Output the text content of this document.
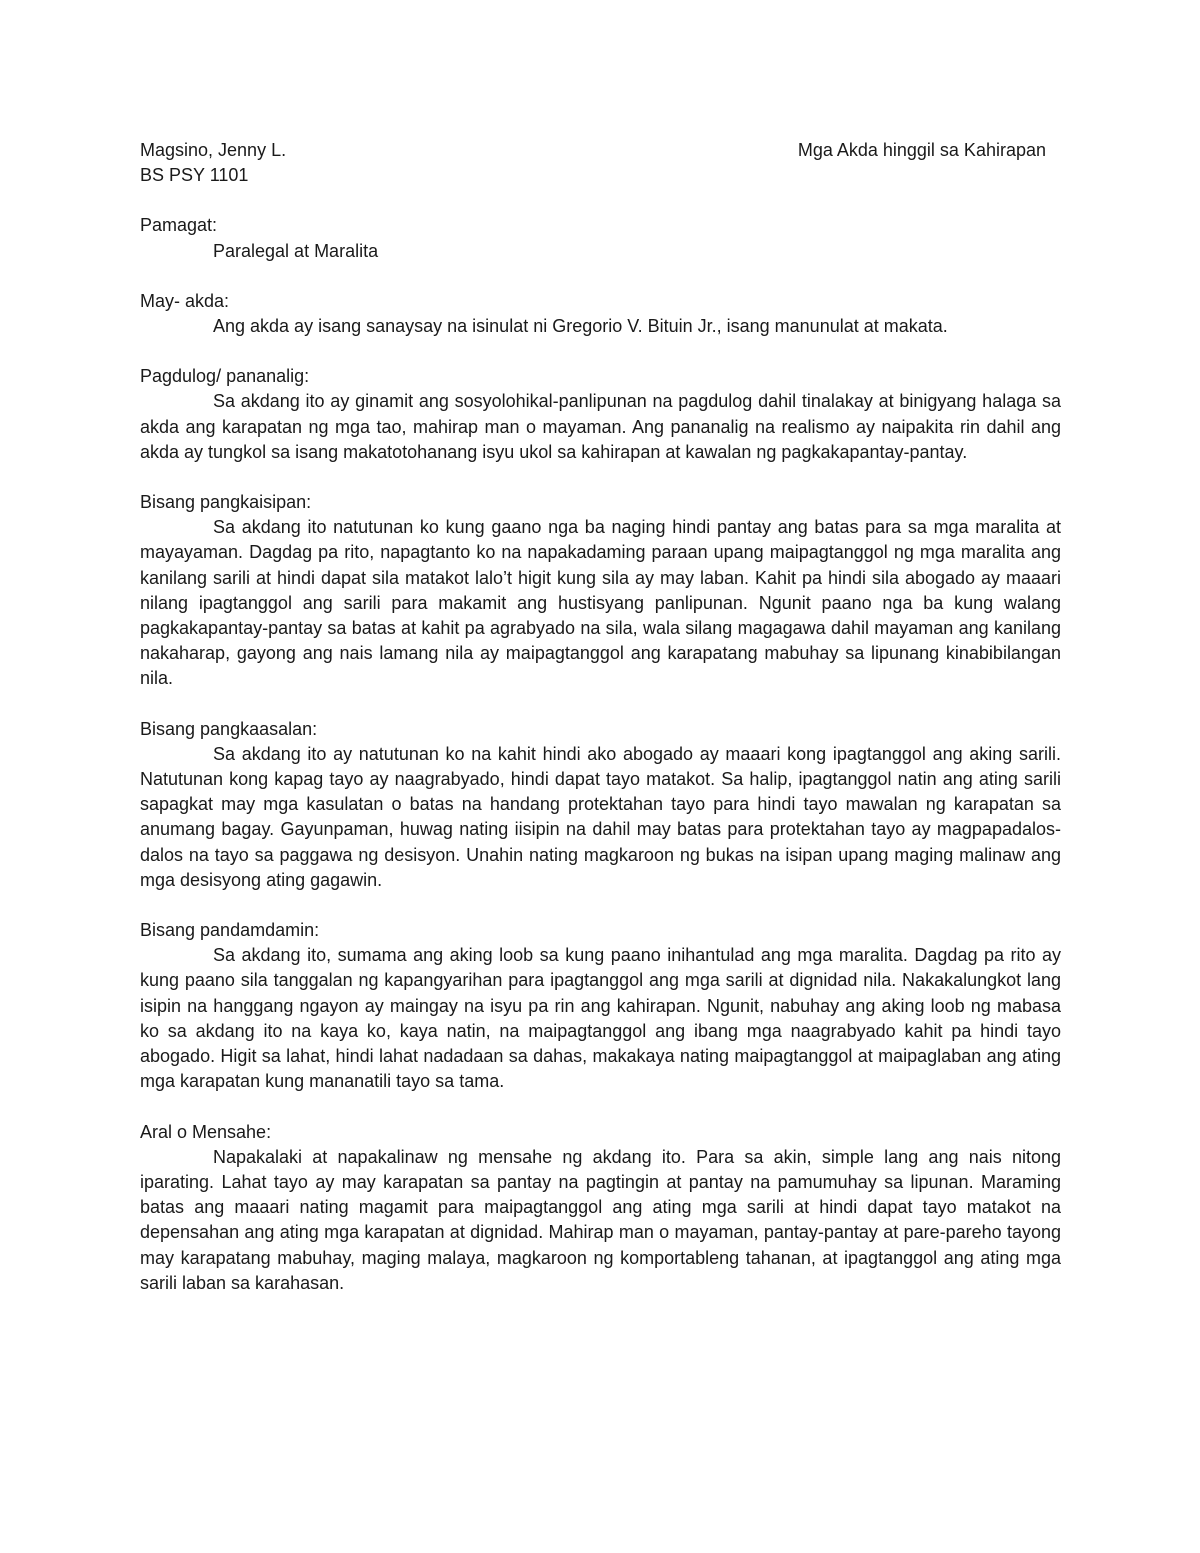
Magsino, Jenny L.	Mga Akda hinggil sa Kahirapan

BS PSY 1101

Pamagat:

Paralegal at Maralita

May- akda:

Ang akda ay isang sanaysay na isinulat ni Gregorio V. Bituin Jr., isang manunulat at makata.

Pagdulog/ pananalig:

Sa akdang ito ay ginamit ang sosyolohikal-panlipunan na pagdulog dahil tinalakay at binigyang halaga sa akda ang karapatan ng mga tao, mahirap man o mayaman. Ang pananalig na realismo ay naipakita rin dahil ang akda ay tungkol sa isang makatotohanang isyu ukol sa kahirapan at kawalan ng pagkakapantay-pantay.

Bisang pangkaisipan:

Sa akdang ito natutunan ko kung gaano nga ba naging hindi pantay ang batas para sa mga maralita at mayayaman. Dagdag pa rito, napagtanto ko na napakadaming paraan upang maipagtanggol ng mga maralita ang kanilang sarili at hindi dapat sila matakot lalo’t higit kung sila ay may laban. Kahit pa hindi sila abogado ay maaari nilang ipagtanggol ang sarili para makamit ang hustisyang panlipunan. Ngunit paano nga ba kung walang pagkakapantay-pantay sa batas at kahit pa agrabyado na sila, wala silang magagawa dahil mayaman ang kanilang nakaharap, gayong ang nais lamang nila ay maipagtanggol ang karapatang mabuhay sa lipunang kinabibilangan nila.

Bisang pangkaasalan:

Sa akdang ito ay natutunan ko na kahit hindi ako abogado ay maaari kong ipagtanggol ang aking sarili. Natutunan kong kapag tayo ay naagrabyado, hindi dapat tayo matakot. Sa halip, ipagtanggol natin ang ating sarili sapagkat may mga kasulatan o batas na handang protektahan tayo para hindi tayo mawalan ng karapatan sa anumang bagay. Gayunpaman, huwag nating iisipin na dahil may batas para protektahan tayo ay magpapadalos-dalos na tayo sa paggawa ng desisyon. Unahin nating magkaroon ng bukas na isipan upang maging malinaw ang mga desisyong ating gagawin.

Bisang pandamdamin:

Sa akdang ito, sumama ang aking loob sa kung paano inihantulad ang mga maralita. Dagdag pa rito ay kung paano sila tanggalan ng kapangyarihan para ipagtanggol ang mga sarili at dignidad nila. Nakakalungkot lang isipin na hanggang ngayon ay maingay na isyu pa rin ang kahirapan. Ngunit, nabuhay ang aking loob ng mabasa ko sa akdang ito na kaya ko, kaya natin, na maipagtanggol ang ibang mga naagrabyado kahit pa hindi tayo abogado. Higit sa lahat, hindi lahat nadadaan sa dahas, makakaya nating maipagtanggol at maipaglaban ang ating mga karapatan kung mananatili tayo sa tama.

Aral o Mensahe:

Napakalaki at napakalinaw ng mensahe ng akdang ito. Para sa akin, simple lang ang nais nitong iparating. Lahat tayo ay may karapatan sa pantay na pagtingin at pantay na pamumuhay sa lipunan. Maraming batas ang maaari nating magamit para maipagtanggol ang ating mga sarili at hindi dapat tayo matakot na depensahan ang ating mga karapatan at dignidad. Mahirap man o mayaman, pantay-pantay at pare-pareho tayong may karapatang mabuhay, maging malaya, magkaroon ng komportableng tahanan, at ipagtanggol ang ating mga sarili laban sa karahasan.
